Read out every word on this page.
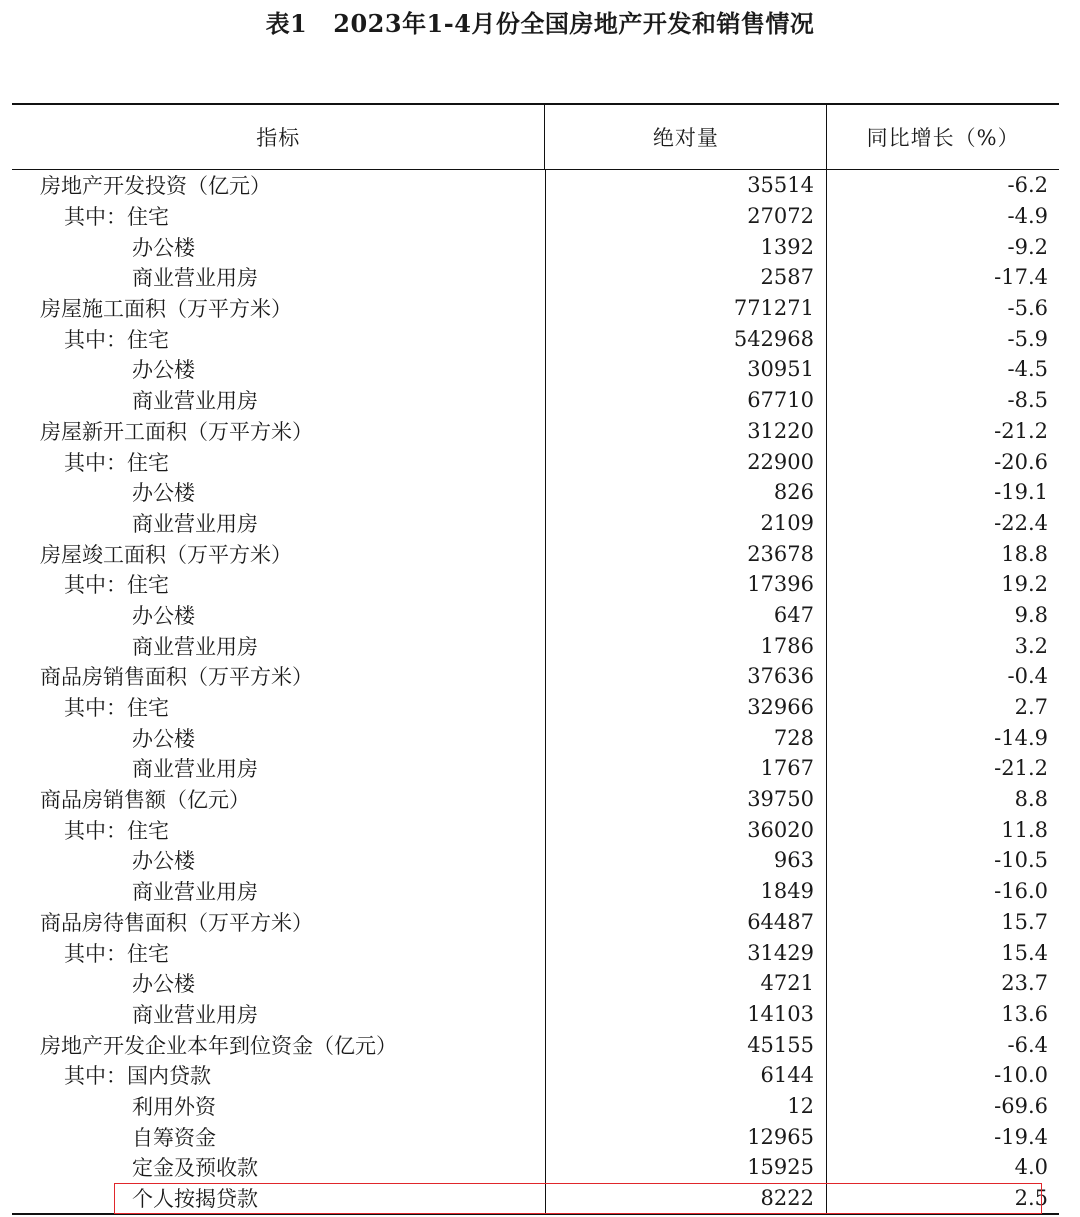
表1 2023年1-4月份全国房地产开发和销售情况
指标	绝对量	同比增长（%）
房地产开发投资（亿元）	35514	-6.2
其中：住宅	27072	-4.9
办公楼	1392	-9.2
商业营业用房	2587	-17.4
房屋施工面积（万平方米）	771271	-5.6
其中：住宅	542968	-5.9
办公楼	30951	-4.5
商业营业用房	67710	-8.5
房屋新开工面积（万平方米）	31220	-21.2
其中：住宅	22900	-20.6
办公楼	826	-19.1
商业营业用房	2109	-22.4
房屋竣工面积（万平方米）	23678	18.8
其中：住宅	17396	19.2
办公楼	647	9.8
商业营业用房	1786	3.2
商品房销售面积（万平方米）	37636	-0.4
其中：住宅	32966	2.7
办公楼	728	-14.9
商业营业用房	1767	-21.2
商品房销售额（亿元）	39750	8.8
其中：住宅	36020	11.8
办公楼	963	-10.5
商业营业用房	1849	-16.0
商品房待售面积（万平方米）	64487	15.7
其中：住宅	31429	15.4
办公楼	4721	23.7
商业营业用房	14103	13.6
房地产开发企业本年到位资金（亿元）	45155	-6.4
其中：国内贷款	6144	-10.0
利用外资	12	-69.6
自筹资金	12965	-19.4
定金及预收款	15925	4.0
个人按揭贷款	8222	2.5
